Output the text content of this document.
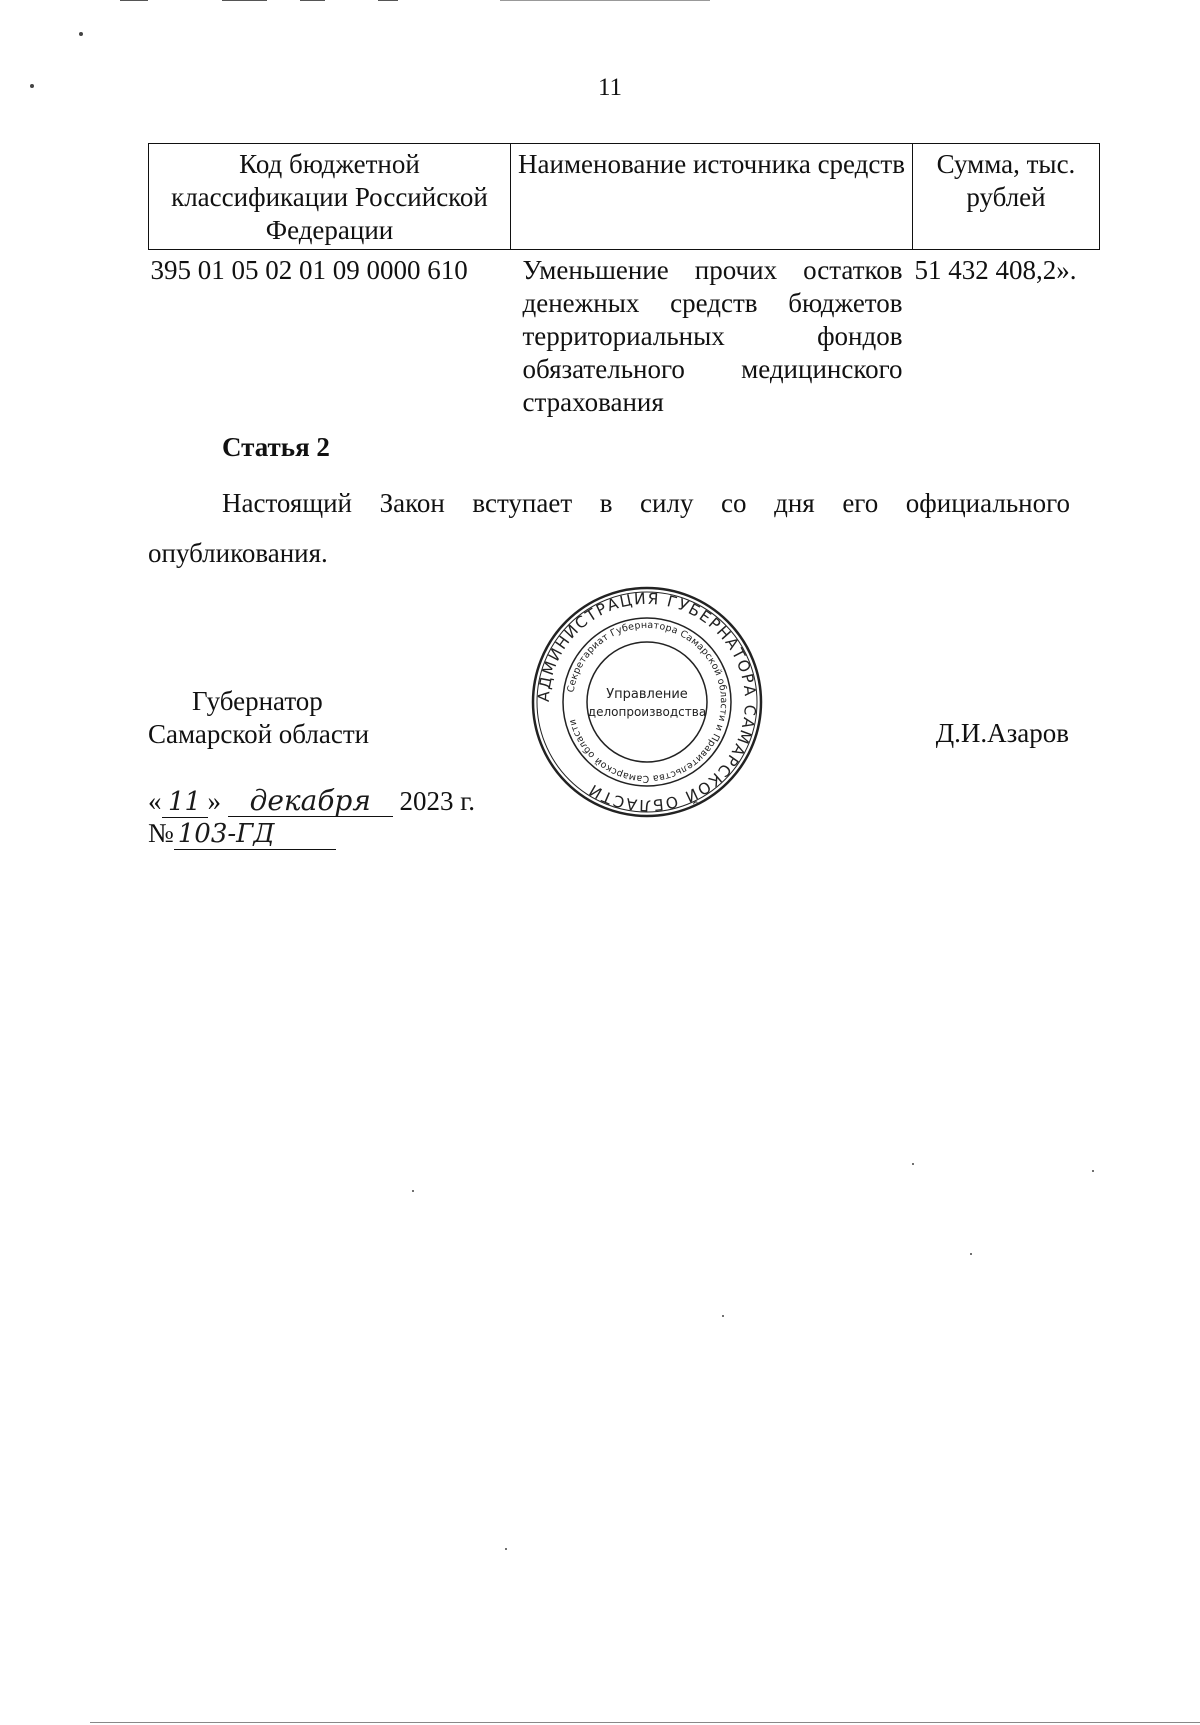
11
Код бюджетной классификации Российской Федерации	Наименование источника средств	Сумма, тыс. рублей
395 01 05 02 01 09 0000 610	Уменьшение прочих остатков денежных средств бюджетов территориальных фондов обязательного медицинского страхования	51 432 408,2».
Статья 2
Настоящий Закон вступает в силу со дня его официального опубликования.
Губернатор
Самарской области	Д.И.Азаров
АДМИНИСТРАЦИЯ ГУБЕРНАТОРА САМАРСКОЙ ОБЛАСТИ
Секретариат Губернатора Самарской области и Правительства Самарской области
Управление
делопроизводства
« 11 » декабря 2023 г.
№ 103-ГД
